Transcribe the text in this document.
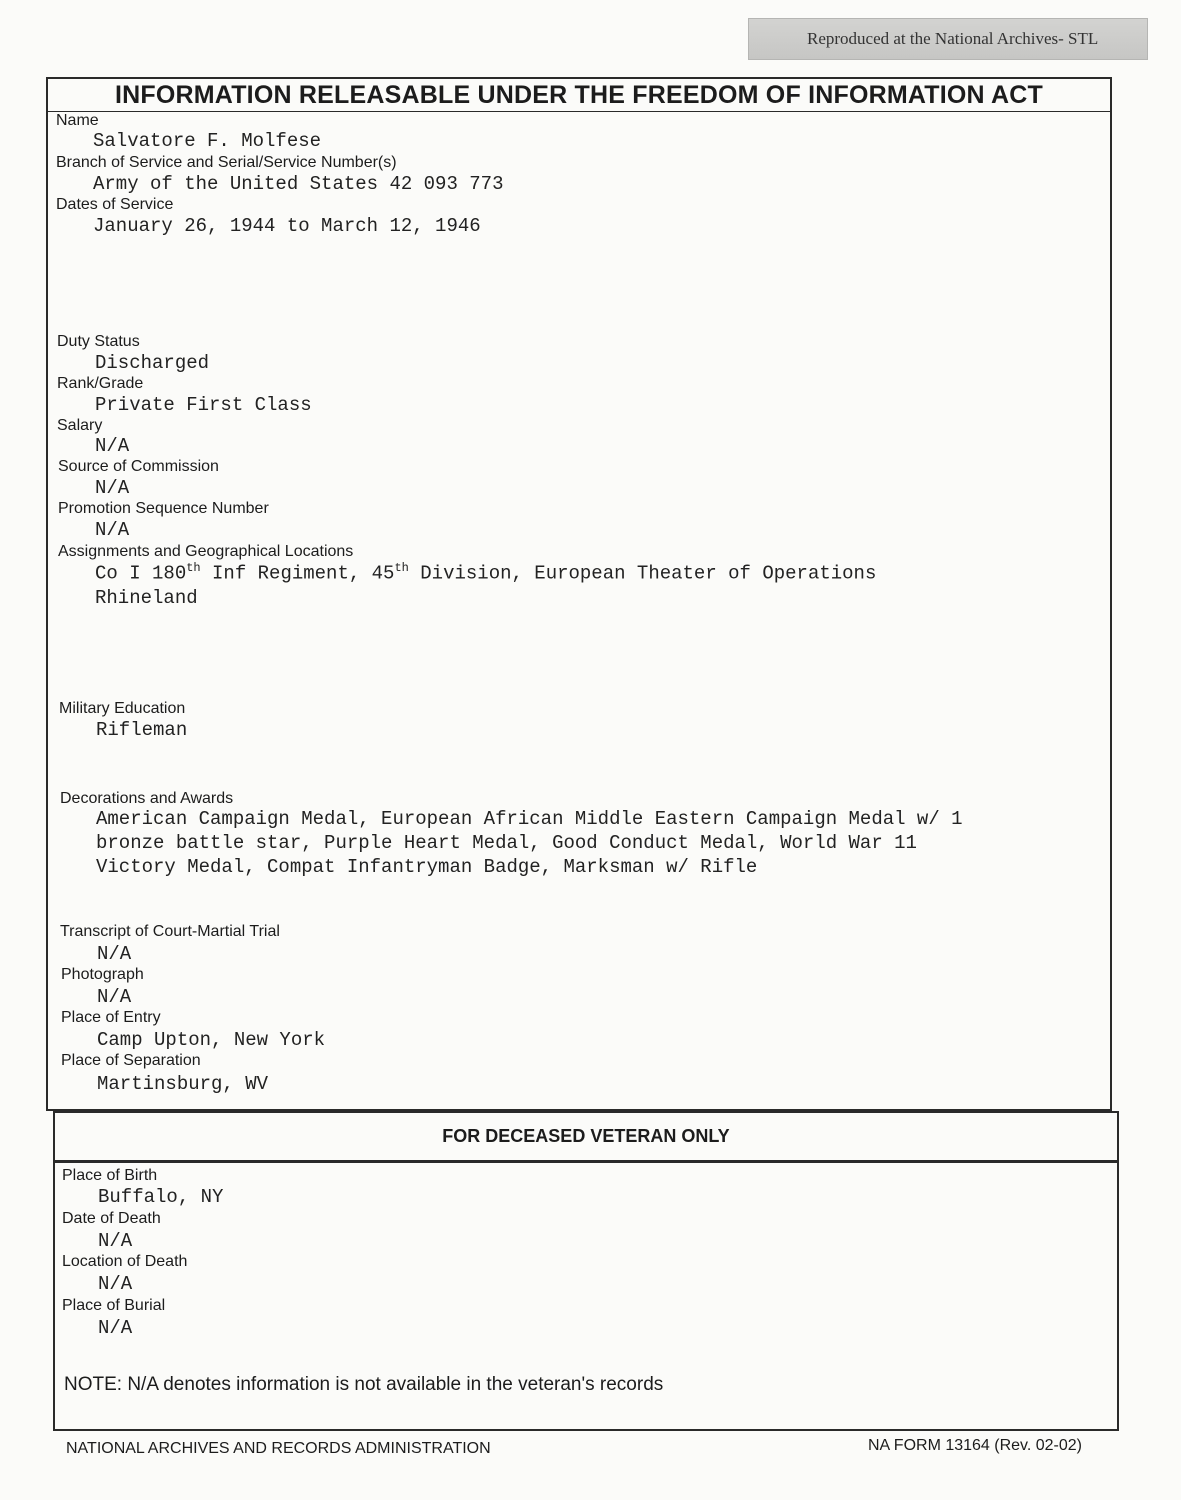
Reproduced at the National Archives- STL
INFORMATION RELEASABLE UNDER THE FREEDOM OF INFORMATION ACT
Name
Salvatore F. Molfese
Branch of Service and Serial/Service Number(s)
Army of the United States 42 093 773
Dates of Service
January 26, 1944 to March 12, 1946
Duty Status
Discharged
Rank/Grade
Private First Class
Salary
N/A
Source of Commission
N/A
Promotion Sequence Number
N/A
Assignments and Geographical Locations
Co I 180th Inf Regiment, 45th Division, European Theater of Operations
Rhineland
Military Education
Rifleman
Decorations and Awards
American Campaign Medal, European African Middle Eastern Campaign Medal w/ 1
bronze battle star, Purple Heart Medal, Good Conduct Medal, World War 11
Victory Medal, Compat Infantryman Badge, Marksman w/ Rifle
Transcript of Court-Martial Trial
N/A
Photograph
N/A
Place of Entry
Camp Upton, New York
Place of Separation
Martinsburg, WV
FOR DECEASED VETERAN ONLY
Place of Birth
Buffalo, NY
Date of Death
N/A
Location of Death
N/A
Place of Burial
N/A
NOTE: N/A denotes information is not available in the veteran's records
NATIONAL ARCHIVES AND RECORDS ADMINISTRATION	NA FORM 13164 (Rev. 02-02)
